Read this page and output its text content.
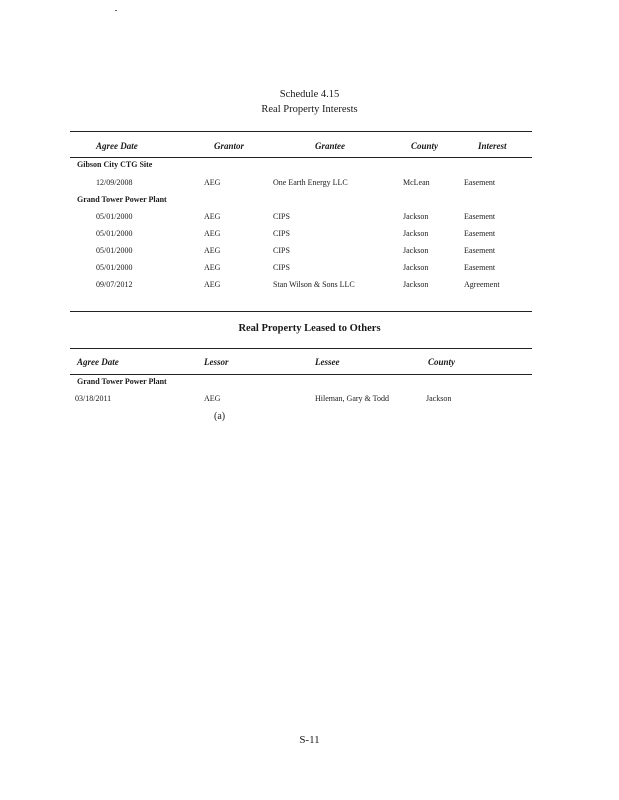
Schedule 4.15
Real Property Interests
Agree Date	Grantor	Grantee	County	Interest
Gibson City CTG Site
12/09/2008	AEG	One Earth Energy LLC	McLean	Easement
Grand Tower Power Plant
05/01/2000	AEG	CIPS	Jackson	Easement
05/01/2000	AEG	CIPS	Jackson	Easement
05/01/2000	AEG	CIPS	Jackson	Easement
05/01/2000	AEG	CIPS	Jackson	Easement
09/07/2012	AEG	Stan Wilson & Sons LLC	Jackson	Agreement
Real Property Leased to Others
Agree Date	Lessor	Lessee	County
Grand Tower Power Plant
03/18/2011	AEG	Hileman, Gary & Todd	Jackson
(a)
S-11
